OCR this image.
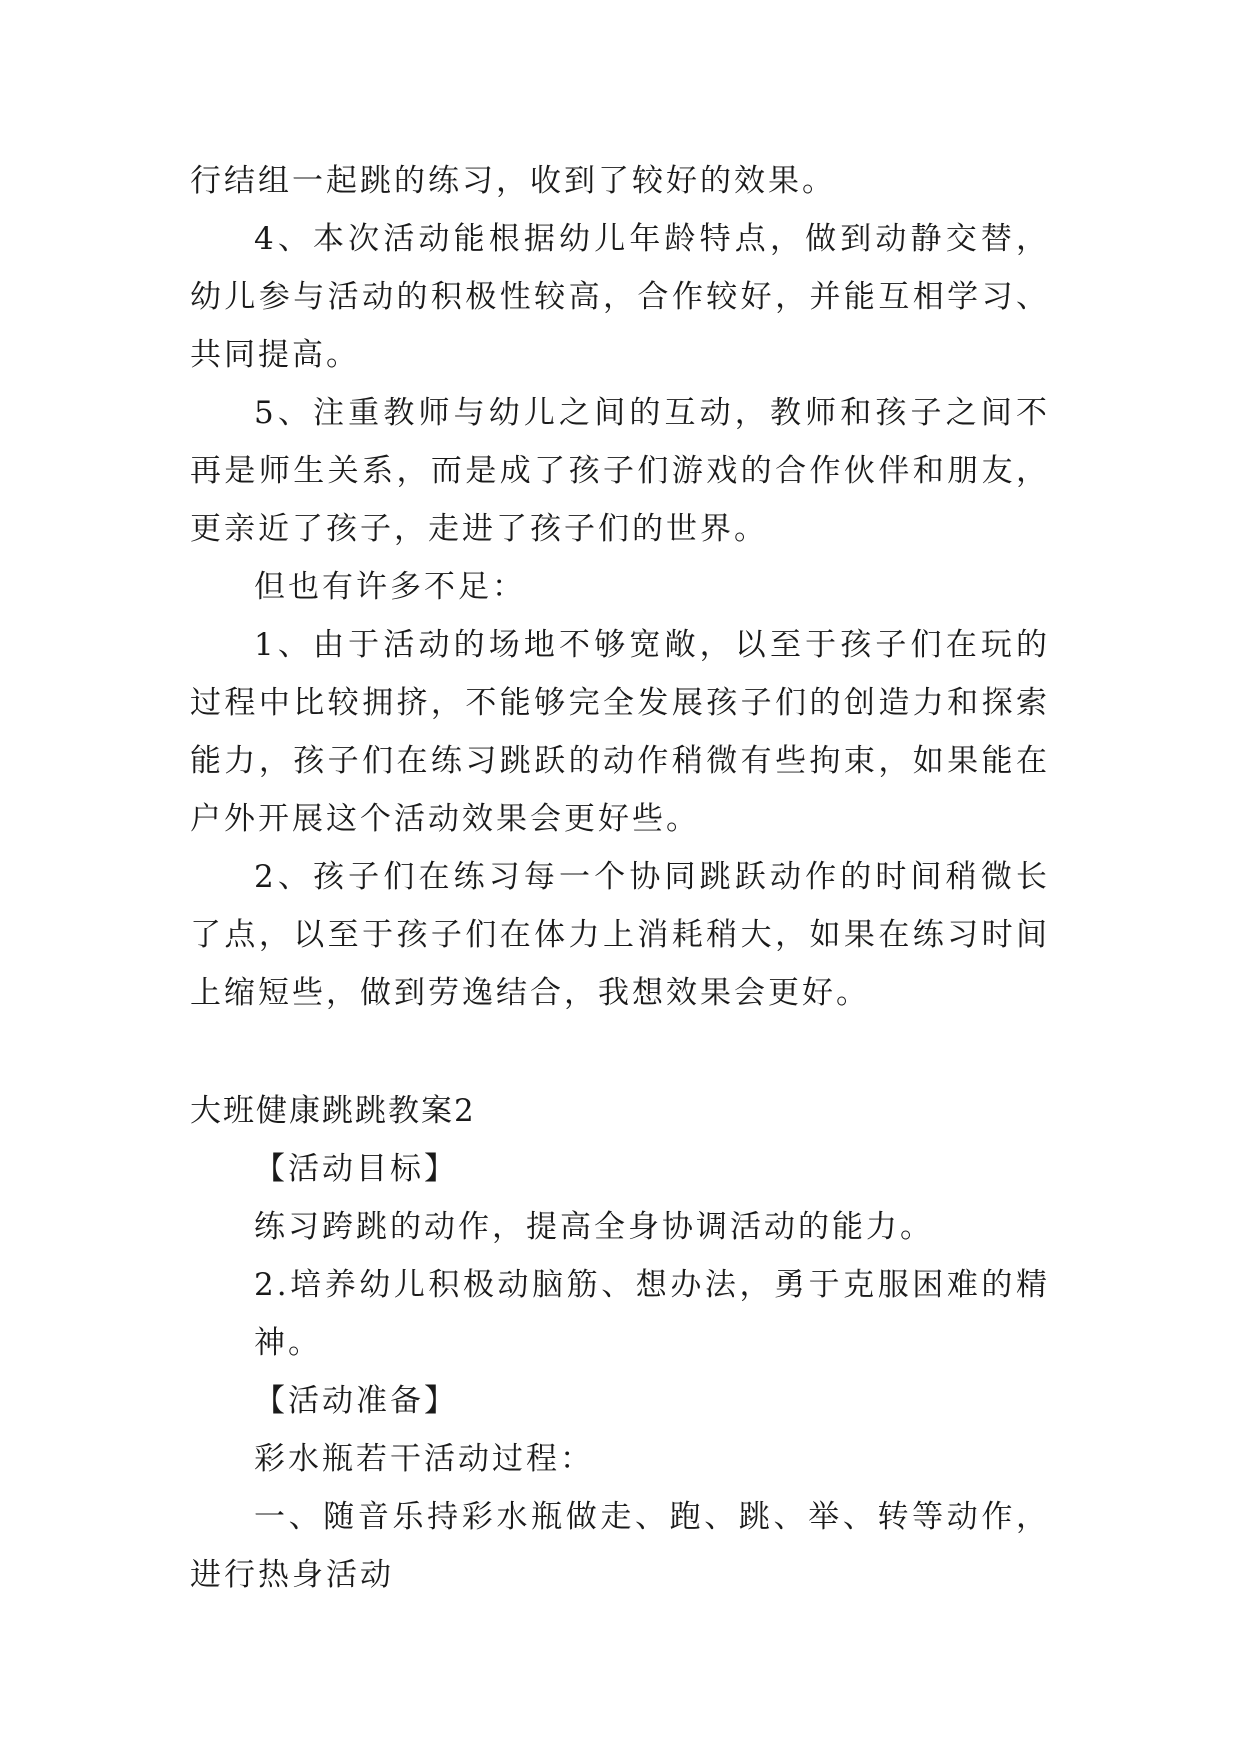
行结组一起跳的练习，收到了较好的效果。

4、本次活动能根据幼儿年龄特点，做到动静交替，幼儿参与活动的积极性较高，合作较好，并能互相学习、共同提高。

5、注重教师与幼儿之间的互动，教师和孩子之间不再是师生关系，而是成了孩子们游戏的合作伙伴和朋友，更亲近了孩子，走进了孩子们的世界。

但也有许多不足：

1、由于活动的场地不够宽敞，以至于孩子们在玩的过程中比较拥挤，不能够完全发展孩子们的创造力和探索能力，孩子们在练习跳跃的动作稍微有些拘束，如果能在户外开展这个活动效果会更好些。

2、孩子们在练习每一个协同跳跃动作的时间稍微长了点，以至于孩子们在体力上消耗稍大，如果在练习时间上缩短些，做到劳逸结合，我想效果会更好。

大班健康跳跳教案2

【活动目标】

练习跨跳的动作，提高全身协调活动的能力。

2.培养幼儿积极动脑筋、想办法，勇于克服困难的精神。

【活动准备】

彩水瓶若干活动过程：

一、随音乐持彩水瓶做走、跑、跳、举、转等动作，进行热身活动
